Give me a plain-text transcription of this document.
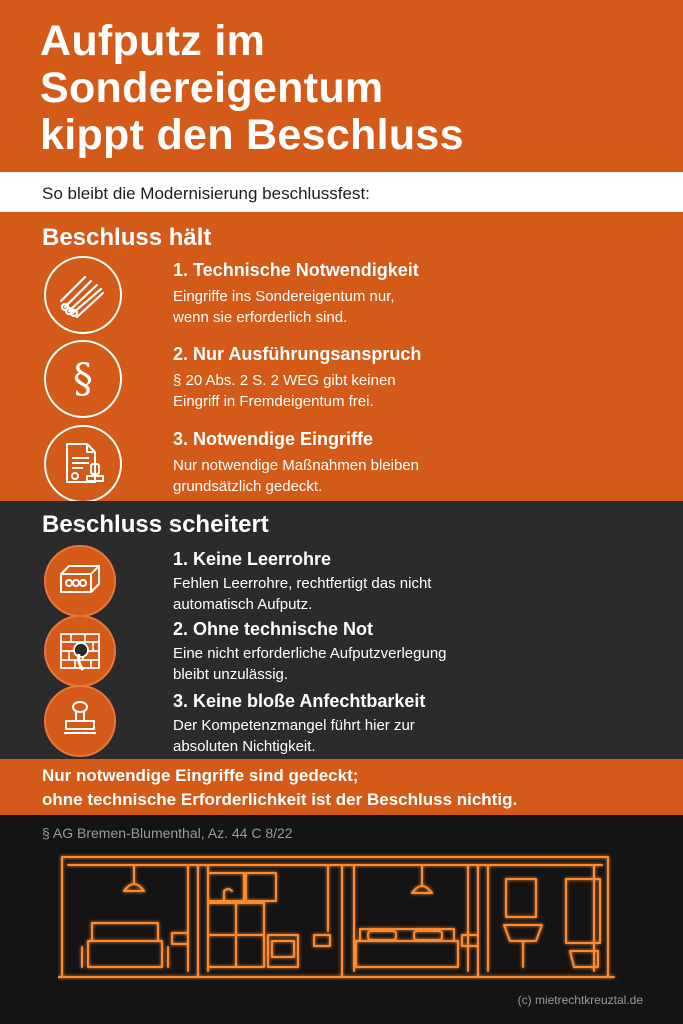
Aufputz im
Sondereigentum
kippt den Beschluss
So bleibt die Modernisierung beschlussfest:
Beschluss hält
1. Technische Notwendigkeit
Eingriffe ins Sondereigentum nur,
wenn sie erforderlich sind.
§
2. Nur Ausführungsanspruch
§ 20 Abs. 2 S. 2 WEG gibt keinen
Eingriff in Fremdeigentum frei.
3. Notwendige Eingriffe
Nur notwendige Maßnahmen bleiben
grundsätzlich gedeckt.
Beschluss scheitert
1. Keine Leerrohre
Fehlen Leerrohre, rechtfertigt das nicht
automatisch Aufputz.
2. Ohne technische Not
Eine nicht erforderliche Aufputzverlegung
bleibt unzulässig.
3. Keine bloße Anfechtbarkeit
Der Kompetenzmangel führt hier zur
absoluten Nichtigkeit.
Nur notwendige Eingriffe sind gedeckt;
ohne technische Erforderlichkeit ist der Beschluss nichtig.
§ AG Bremen-Blumenthal, Az. 44 C 8/22
(c) mietrechtkreuztal.de
